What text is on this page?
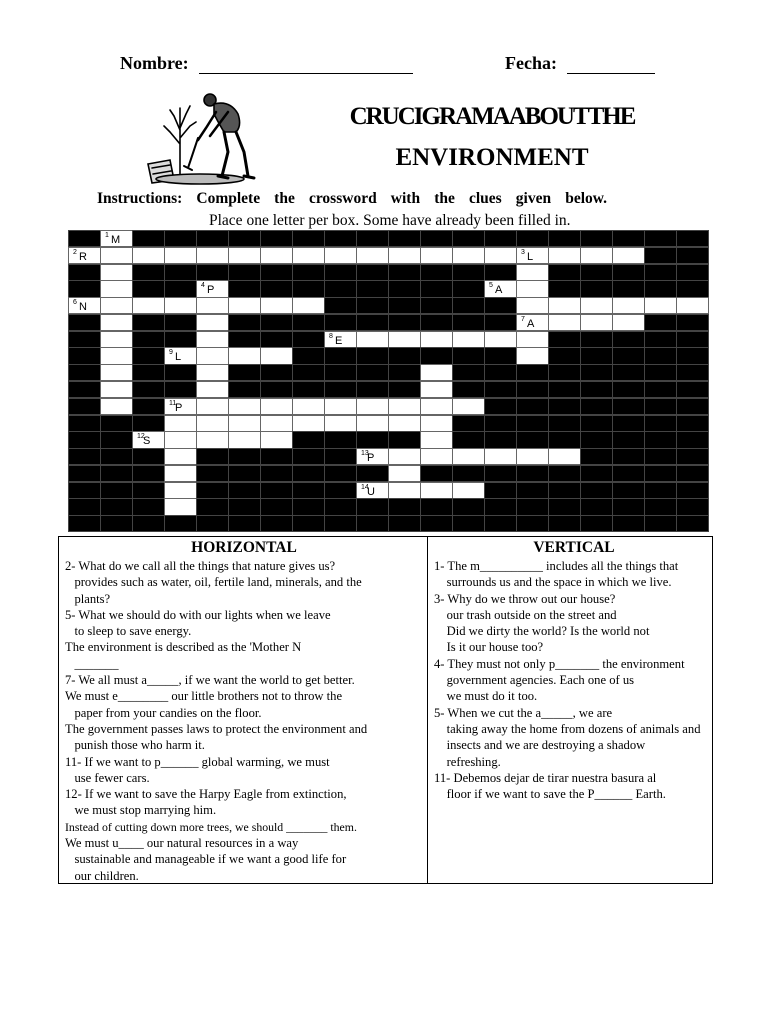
Nombre:	Fecha:
CRUCIGRAMAABOUTTHE
ENVIRONMENT
Instructions: Complete the crossword with the clues given below.
Place one letter per box. Some have already been filled in.
1 M
2 R	3 L
4 P	5 A
6 N
7 A
8 E
9 L
5 A
11
P
12
S
13
P
14
U
HORIZONTAL
2- What do we call all the things that nature gives us?
provides such as water, oil, fertile land, minerals, and the
plants?
5- What we should do with our lights when we leave
to sleep to save energy.
The environment is described as the 'Mother N
_______
7- We all must a_____, if we want the world to get better.
We must e________ our little brothers not to throw the
paper from your candies on the floor.
The government passes laws to protect the environment and
punish those who harm it.
11- If we want to p______ global warming, we must
use fewer cars.
12- If we want to save the Harpy Eagle from extinction,
we must stop marrying him.
Instead of cutting down more trees, we should _______ them.
We must u____ our natural resources in a way
sustainable and manageable if we want a good life for
our children.
VERTICAL
1- The m__________ includes all the things that
surrounds us and the space in which we live.
3- Why do we throw out our house?
our trash outside on the street and
Did we dirty the world? Is the world not
Is it our house too?
4- They must not only p_______ the environment
government agencies. Each one of us
we must do it too.
5- When we cut the a_____, we are
taking away the home from dozens of animals and
insects and we are destroying a shadow
refreshing.
11- Debemos dejar de tirar nuestra basura al
floor if we want to save the P______ Earth.
